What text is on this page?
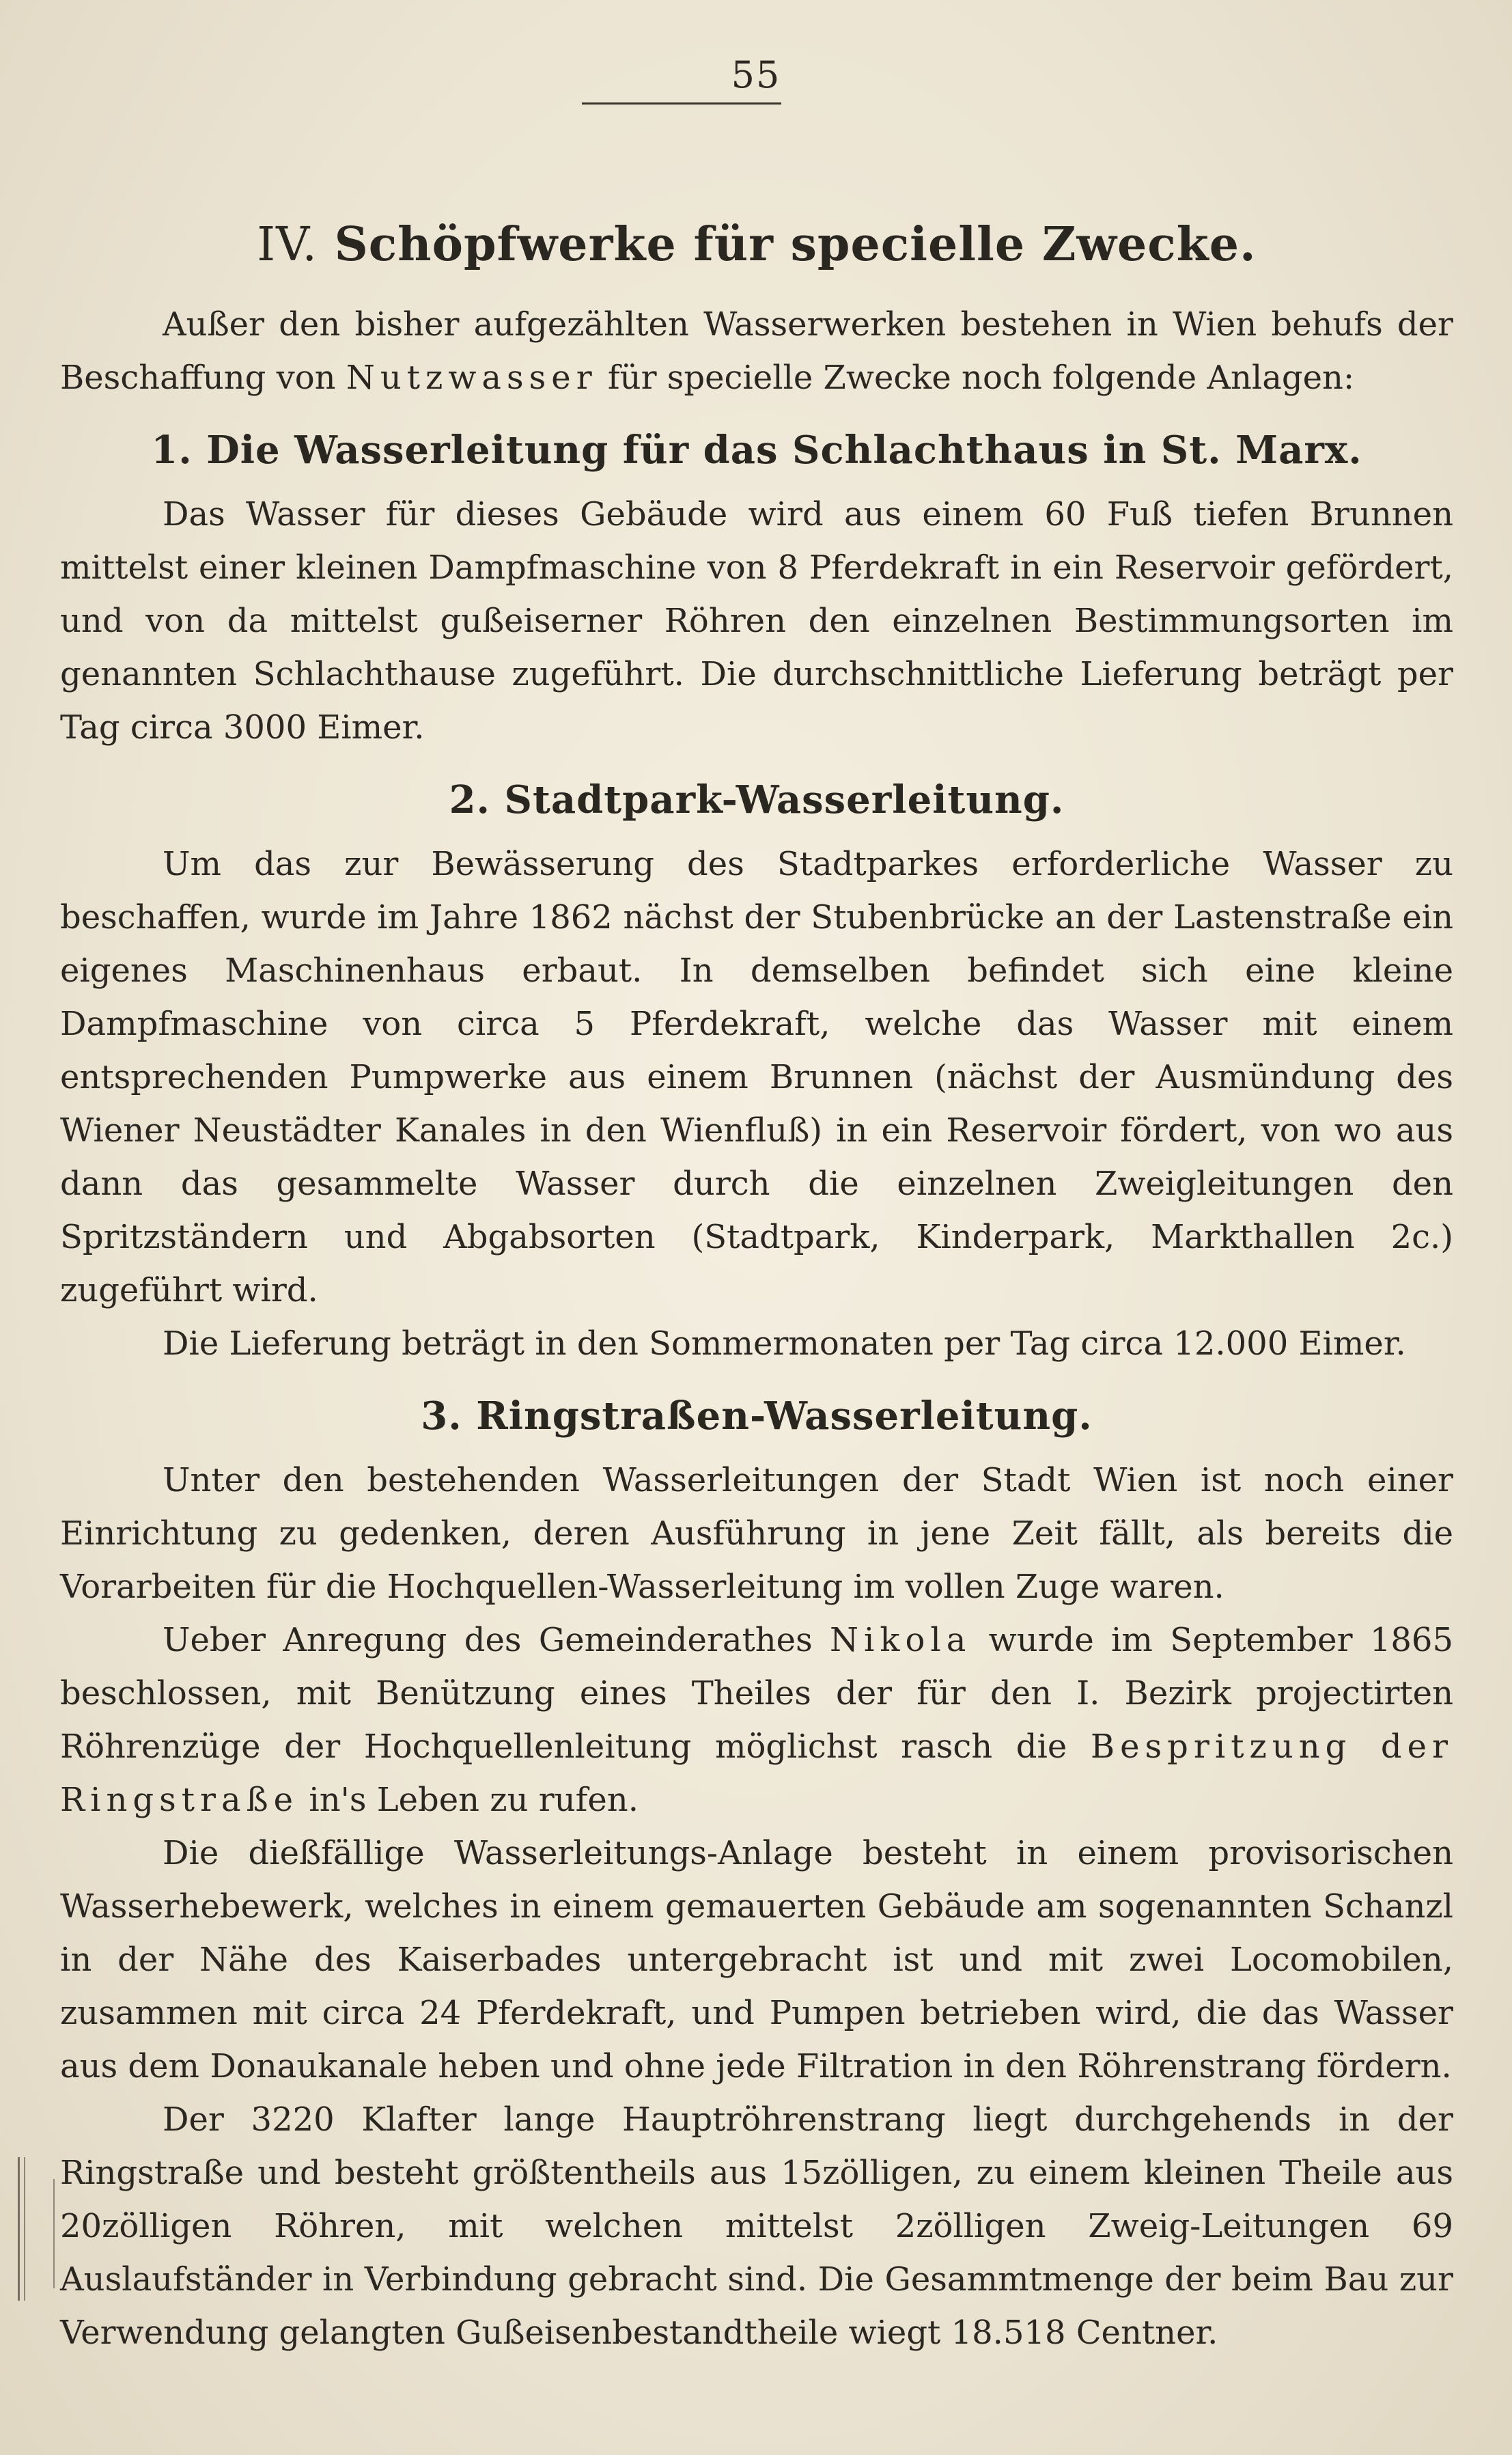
55
IV. Schöpfwerke für specielle Zwecke.

Außer den bisher aufgezählten Wasserwerken bestehen in Wien behufs der Beschaffung von Nutzwasser für specielle Zwecke noch folgende Anlagen:

1. Die Wasserleitung für das Schlachthaus in St. Marx.

Das Wasser für dieses Gebäude wird aus einem 60 Fuß tiefen Brunnen mittelst einer kleinen Dampfmaschine von 8 Pferdekraft in ein Reservoir gefördert, und von da mittelst gußeiserner Röhren den einzelnen Bestimmungsorten im genannten Schlachthause zugeführt. Die durchschnittliche Lieferung beträgt per Tag circa 3000 Eimer.

2. Stadtpark-Wasserleitung.

Um das zur Bewässerung des Stadtparkes erforderliche Wasser zu beschaffen, wurde im Jahre 1862 nächst der Stubenbrücke an der Lastenstraße ein eigenes Maschinenhaus erbaut. In demselben befindet sich eine kleine Dampfmaschine von circa 5 Pferdekraft, welche das Wasser mit einem entsprechenden Pumpwerke aus einem Brunnen (nächst der Ausmündung des Wiener Neustädter Kanales in den Wienfluß) in ein Reservoir fördert, von wo aus dann das gesammelte Wasser durch die einzelnen Zweigleitungen den Spritzständern und Abgabsorten (Stadtpark, Kinderpark, Markthallen 2c.) zugeführt wird.

Die Lieferung beträgt in den Sommermonaten per Tag circa 12.000 Eimer.

3. Ringstraßen-Wasserleitung.

Unter den bestehenden Wasserleitungen der Stadt Wien ist noch einer Einrichtung zu gedenken, deren Ausführung in jene Zeit fällt, als bereits die Vorarbeiten für die Hochquellen-Wasserleitung im vollen Zuge waren.

Ueber Anregung des Gemeinderathes Nikola wurde im September 1865 beschlossen, mit Benützung eines Theiles der für den I. Bezirk projectirten Röhrenzüge der Hochquellenleitung möglichst rasch die Bespritzung der Ringstraße in's Leben zu rufen.

Die dießfällige Wasserleitungs-Anlage besteht in einem provisorischen Wasserhebewerk, welches in einem gemauerten Gebäude am sogenannten Schanzl in der Nähe des Kaiserbades untergebracht ist und mit zwei Locomobilen, zusammen mit circa 24 Pferdekraft, und Pumpen betrieben wird, die das Wasser aus dem Donaukanale heben und ohne jede Filtration in den Röhrenstrang fördern.

Der 3220 Klafter lange Hauptröhrenstrang liegt durchgehends in der Ringstraße und besteht größtentheils aus 15zölligen, zu einem kleinen Theile aus 20zölligen Röhren, mit welchen mittelst 2zölligen Zweig-Leitungen 69 Auslaufständer in Verbindung gebracht sind. Die Gesammtmenge der beim Bau zur Verwendung gelangten Gußeisenbestandtheile wiegt 18.518 Centner.
